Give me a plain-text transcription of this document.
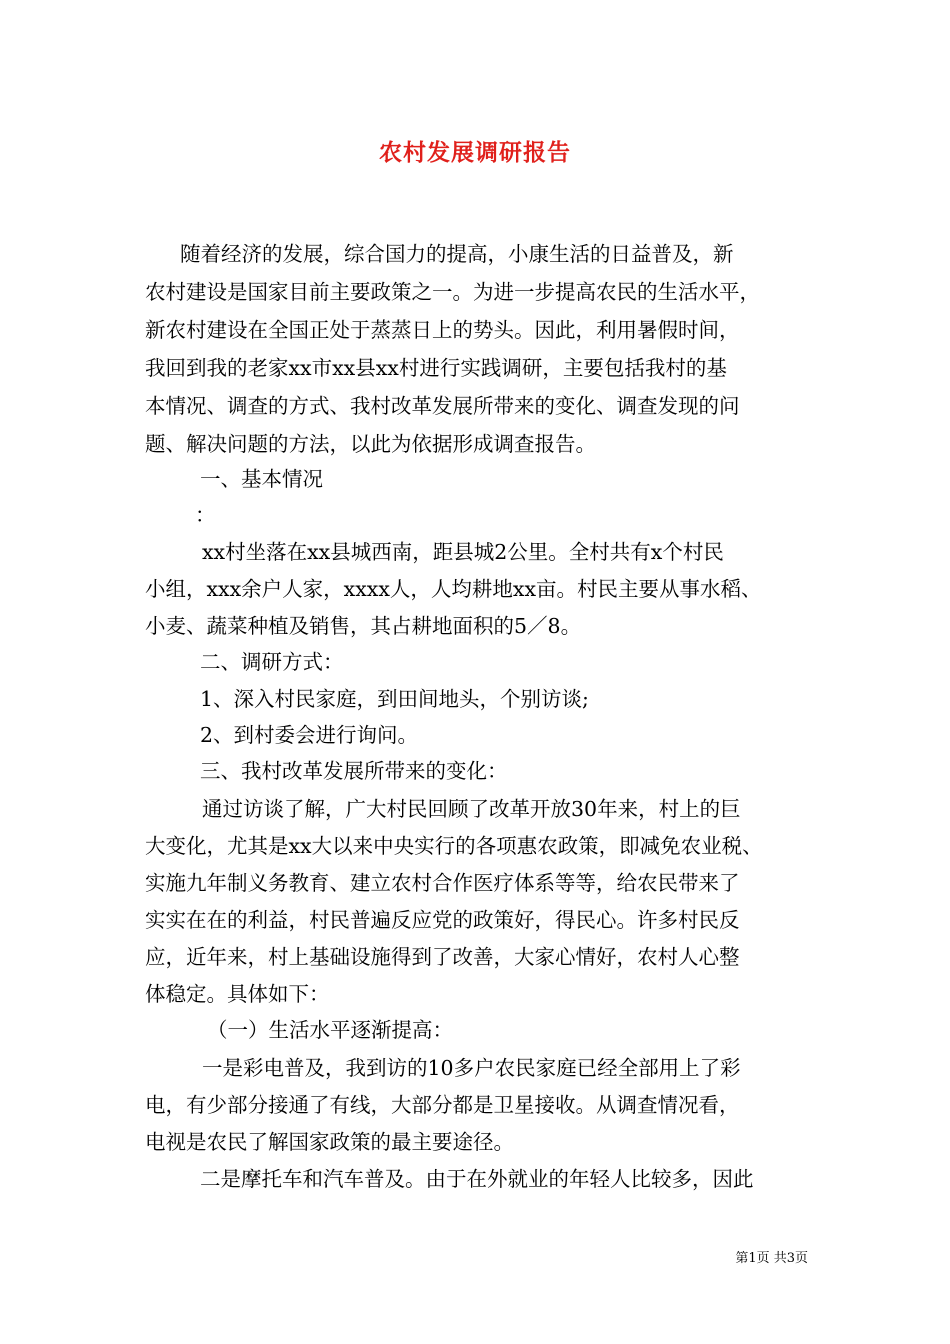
农村发展调研报告
随着经济的发展，综合国力的提高，小康生活的日益普及，新
农村建设是国家目前主要政策之一。为进一步提高农民的生活水平，
新农村建设在全国正处于蒸蒸日上的势头。因此，利用暑假时间，
我回到我的老家xx市xx县xx村进行实践调研，主要包括我村的基
本情况、调查的方式、我村改革发展所带来的变化、调查发现的问
题、解决问题的方法，以此为依据形成调查报告。
一、基本情况
：
xx村坐落在xx县城西南，距县城2公里。全村共有x个村民
小组，xxx余户人家，xxxx人，人均耕地xx亩。村民主要从事水稻、
小麦、蔬菜种植及销售，其占耕地面积的5／8。
二、调研方式：
1、深入村民家庭，到田间地头，个别访谈;
2、到村委会进行询问。
三、我村改革发展所带来的变化：
通过访谈了解，广大村民回顾了改革开放30年来，村上的巨
大变化，尤其是xx大以来中央实行的各项惠农政策，即减免农业税、
实施九年制义务教育、建立农村合作医疗体系等等，给农民带来了
实实在在的利益，村民普遍反应党的政策好，得民心。许多村民反
应，近年来，村上基础设施得到了改善，大家心情好，农村人心整
体稳定。具体如下：
（一）生活水平逐渐提高：
一是彩电普及，我到访的10多户农民家庭已经全部用上了彩
电，有少部分接通了有线，大部分都是卫星接收。从调查情况看，
电视是农民了解国家政策的最主要途径。
二是摩托车和汽车普及。由于在外就业的年轻人比较多，因此
第1页 共3页
